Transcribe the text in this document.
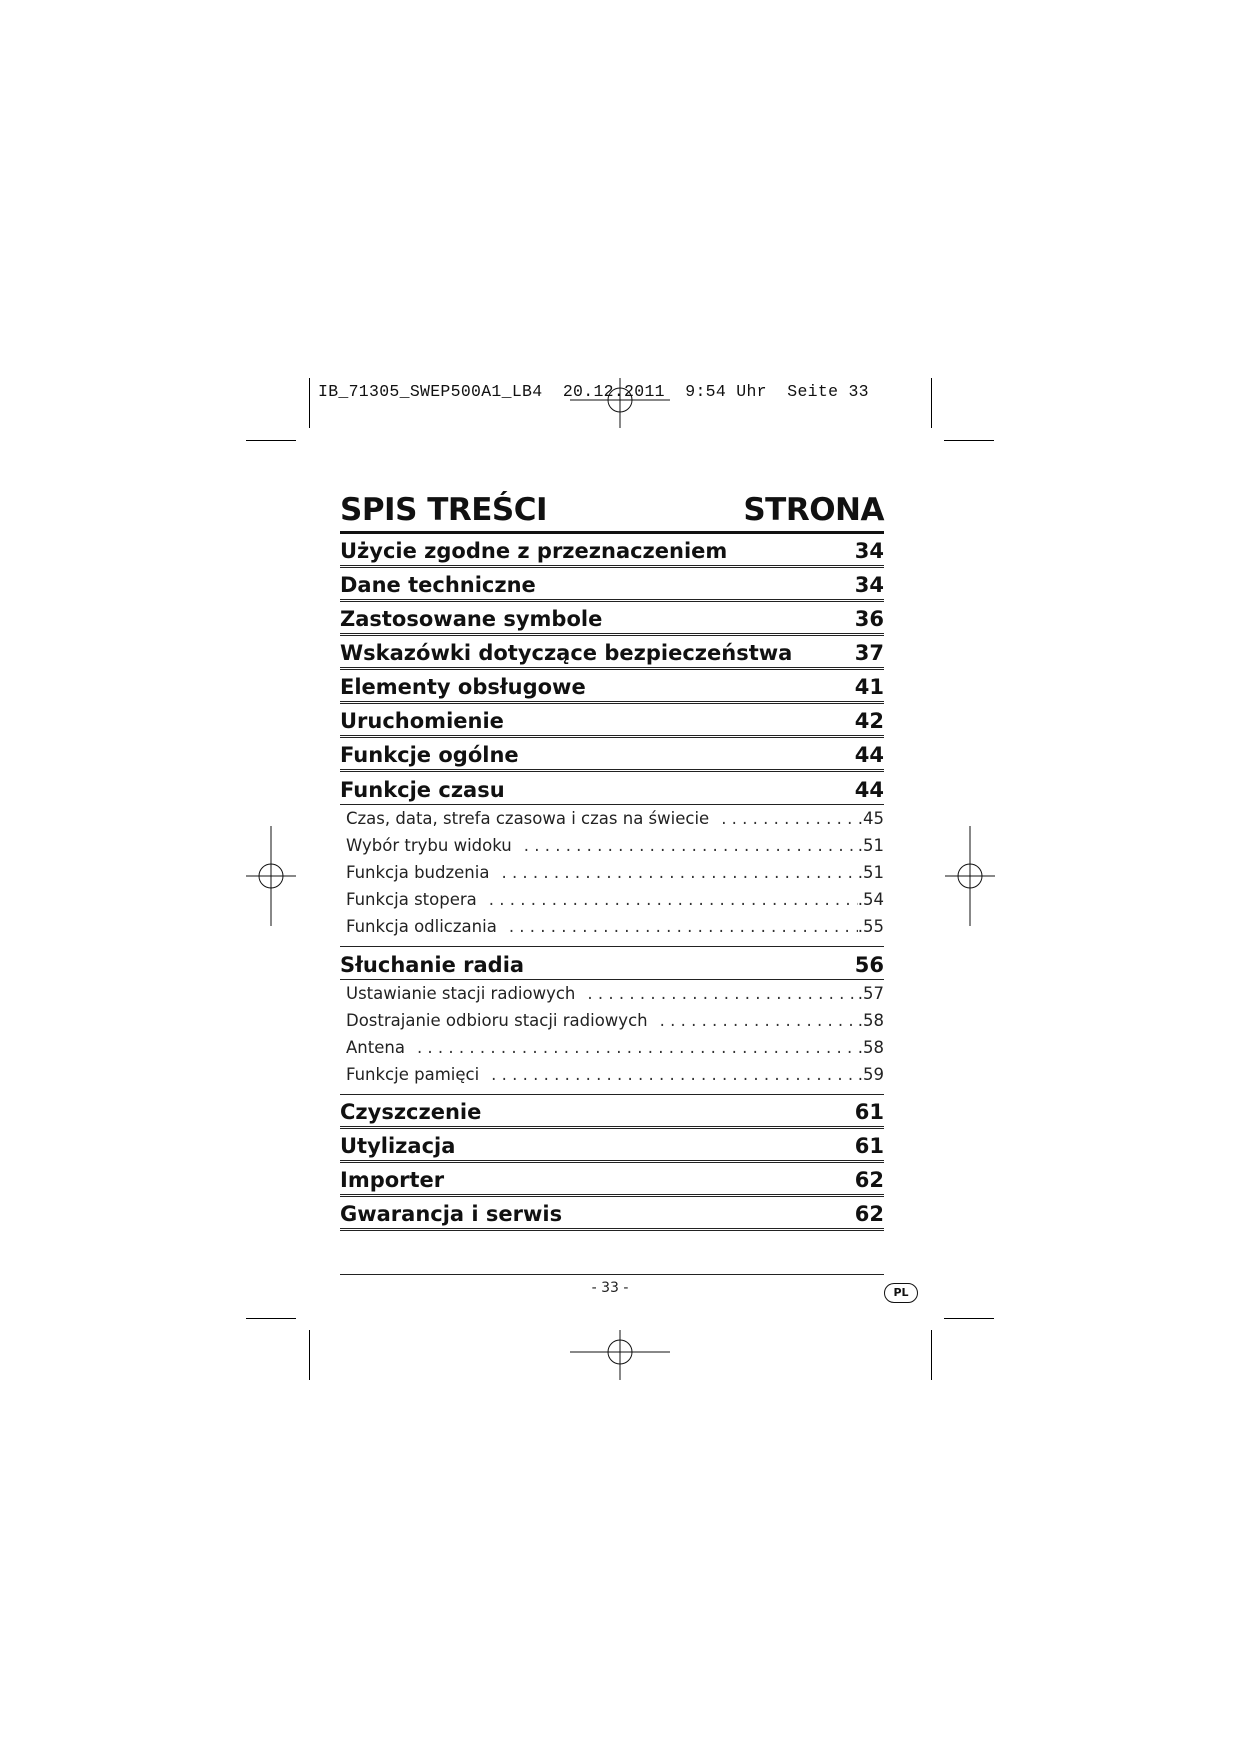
IB_71305_SWEP500A1_LB4  20.12.2011  9:54 Uhr  Seite 33
SPIS TREŚCI	STRONA
Użycie zgodne z przeznaczeniem	34
Dane techniczne	34
Zastosowane symbole	36
Wskazówki dotyczące bezpieczeństwa	37
Elementy obsługowe	41
Uruchomienie	42
Funkcje ogólne	44
Funkcje czasu	44
Czas, data, strefa czasowa i czas na świecie . . .	.45
Wybór trybu widoku . . .	.51
Funkcja budzenia . . .	.51
Funkcja stopera . . .	.54
Funkcja odliczania . . .	.55
Słuchanie radia	56
Ustawianie stacji radiowych . . .	.57
Dostrajanie odbioru stacji radiowych . . .	.58
Antena . . .	.58
Funkcje pamięci . . .	.59
Czyszczenie	61
Utylizacja	61
Importer	62
Gwarancja i serwis	62
- 33 -	PL
